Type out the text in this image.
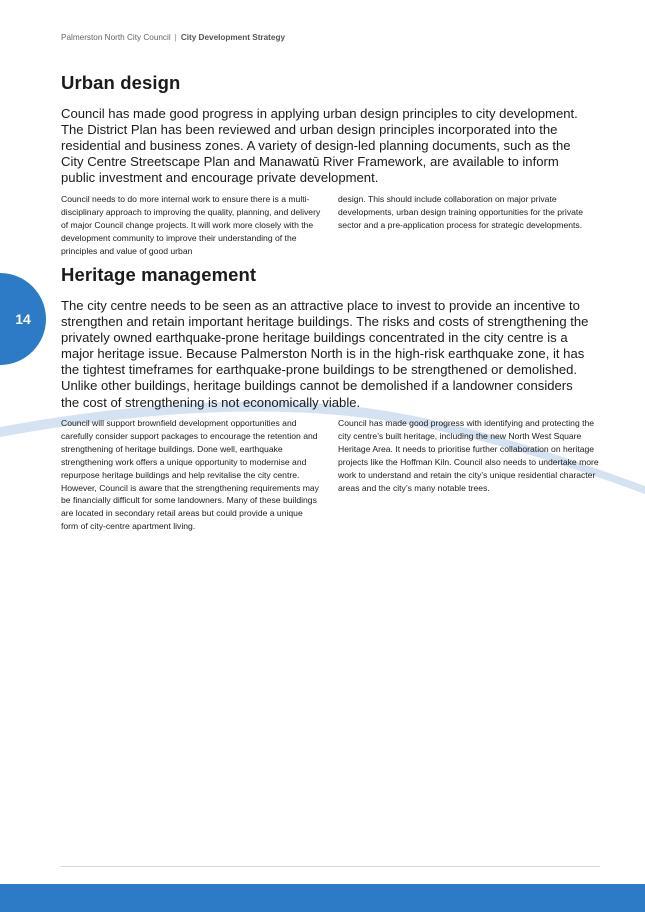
Palmerston North City Council | City Development Strategy
Urban design

Council has made good progress in applying urban design principles to city development. The District Plan has been reviewed and urban design principles incorporated into the residential and business zones. A variety of design-led planning documents, such as the City Centre Streetscape Plan and Manawatū River Framework, are available to inform public investment and encourage private development.

Council needs to do more internal work to ensure there is a multi-disciplinary approach to improving the quality, planning, and delivery of major Council change projects. It will work more closely with the development community to improve their understanding of the principles and value of good urban

design. This should include collaboration on major private developments, urban design training opportunities for the private sector and a pre-application process for strategic developments.

Heritage management

The city centre needs to be seen as an attractive place to invest to provide an incentive to strengthen and retain important heritage buildings. The risks and costs of strengthening the privately owned earthquake-prone heritage buildings concentrated in the city centre is a major heritage issue. Because Palmerston North is in the high-risk earthquake zone, it has the tightest timeframes for earthquake-prone buildings to be strengthened or demolished. Unlike other buildings, heritage buildings cannot be demolished if a landowner considers the cost of strengthening is not economically viable.

Council will support brownfield development opportunities and carefully consider support packages to encourage the retention and strengthening of heritage buildings. Done well, earthquake strengthening work offers a unique opportunity to modernise and repurpose heritage buildings and help revitalise the city centre. However, Council is aware that the strengthening requirements may be financially difficult for some landowners. Many of these buildings are located in secondary retail areas but could provide a unique form of city-centre apartment living.

Council has made good progress with identifying and protecting the city centre’s built heritage, including the new North West Square Heritage Area. It needs to prioritise further collaboration on heritage projects like the Hoffman Kiln. Council also needs to undertake more work to understand and retain the city’s unique residential character areas and the city’s many notable trees.

14
